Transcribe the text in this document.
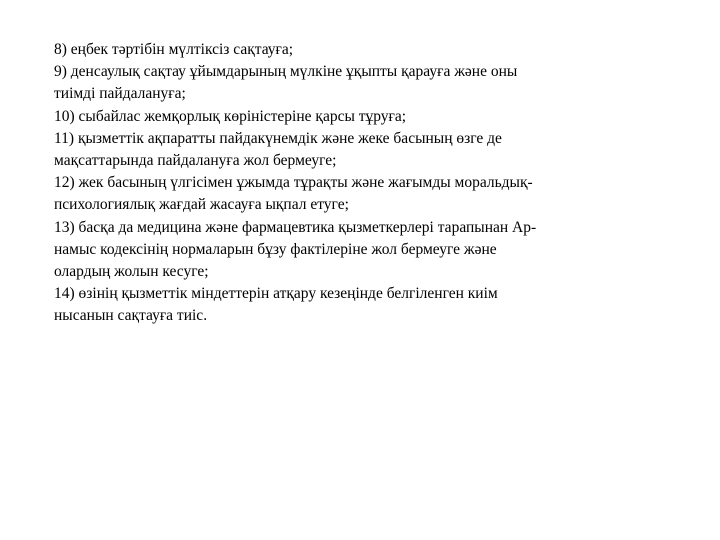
8) еңбек тәртібін мүлтіксіз сақтауға;
9) денсаулық сақтау ұйымдарының мүлкіне ұқыпты қарауға және оны
тиімді пайдалануға;
10) сыбайлас жемқорлық көріністеріне қарсы тұруға;
11) қызметтік ақпаратты пайдакүнемдік және жеке басының өзге де
мақсаттарында пайдалануға жол бермеуге;
12) жек басының үлгісімен ұжымда тұрақты және жағымды моральдық-
психологиялық жағдай жасауға ықпал етуге;
13) басқа да медицина және фармацевтика қызметкерлері тарапынан Ар-
намыс кодексінің нормаларын бұзу фактілеріне жол бермеуге және
олардың жолын кесуге;
14) өзінің қызметтік міндеттерін атқару кезеңінде белгіленген киім
нысанын сақтауға тиіс.
